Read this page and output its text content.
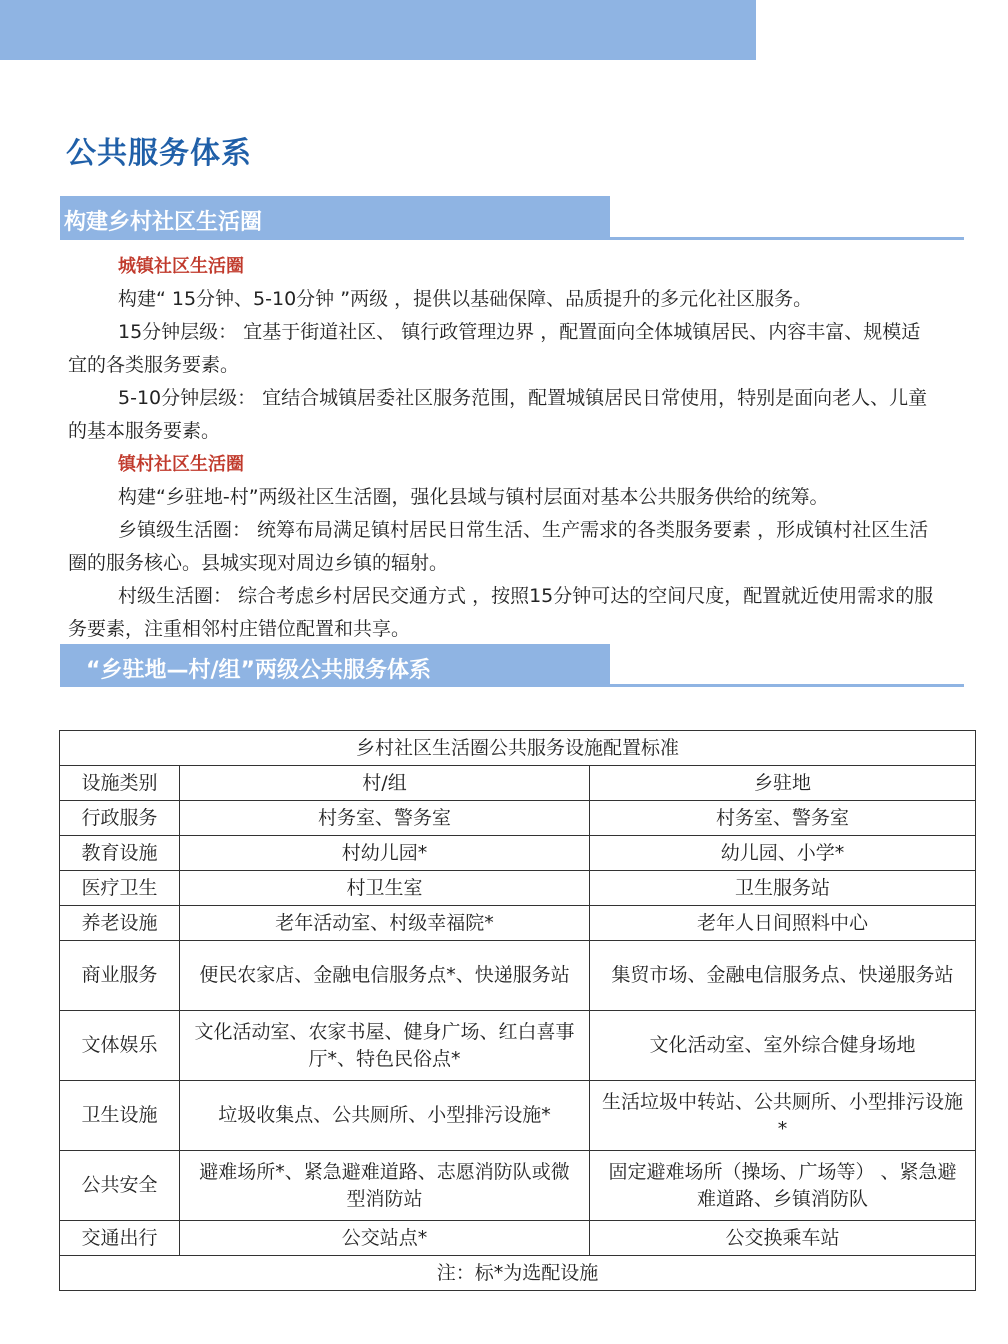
公共服务体系
构建乡村社区生活圈

城镇社区生活圈

构建“ 15分钟、5-10分钟 ”两级 ，提供以基础保障、品质提升的多元化社区服务。

15分钟层级： 宜基于街道社区、 镇行政管理边界 ，配置面向全体城镇居民、内容丰富、规模适宜的各类服务要素。

5-10分钟层级： 宜结合城镇居委社区服务范围，配置城镇居民日常使用，特别是面向老人、儿童的基本服务要素。

镇村社区生活圈

构建“乡驻地-村”两级社区生活圈，强化县域与镇村层面对基本公共服务供给的统筹。

乡镇级生活圈： 统筹布局满足镇村居民日常生活、生产需求的各类服务要素 ，形成镇村社区生活圈的服务核心。县城实现对周边乡镇的辐射。

村级生活圈： 综合考虑乡村居民交通方式 ，按照15分钟可达的空间尺度，配置就近使用需求的服务要素，注重相邻村庄错位配置和共享。

“乡驻地—村/组”两级公共服务体系
乡村社区生活圈公共服务设施配置标准		
设施类别	村/组	乡驻地
行政服务	村务室、警务室	村务室、警务室
教育设施	村幼儿园*	幼儿园、小学*
医疗卫生	村卫生室	卫生服务站
养老设施	老年活动室、村级幸福院*	老年人日间照料中心
商业服务	便民农家店、金融电信服务点*、快递服务站	集贸市场、金融电信服务点、快递服务站
文体娱乐	文化活动室、农家书屋、健身广场、红白喜事厅*、特色民俗点*	文化活动室、室外综合健身场地
卫生设施	垃圾收集点、公共厕所、小型排污设施*	生活垃圾中转站、公共厕所、小型排污设施*
公共安全	避难场所*、紧急避难道路、志愿消防队或微型消防站	固定避难场所（操场、广场等） 、紧急避难道路、乡镇消防队
交通出行	公交站点*	公交换乘车站
注：标*为选配设施		
